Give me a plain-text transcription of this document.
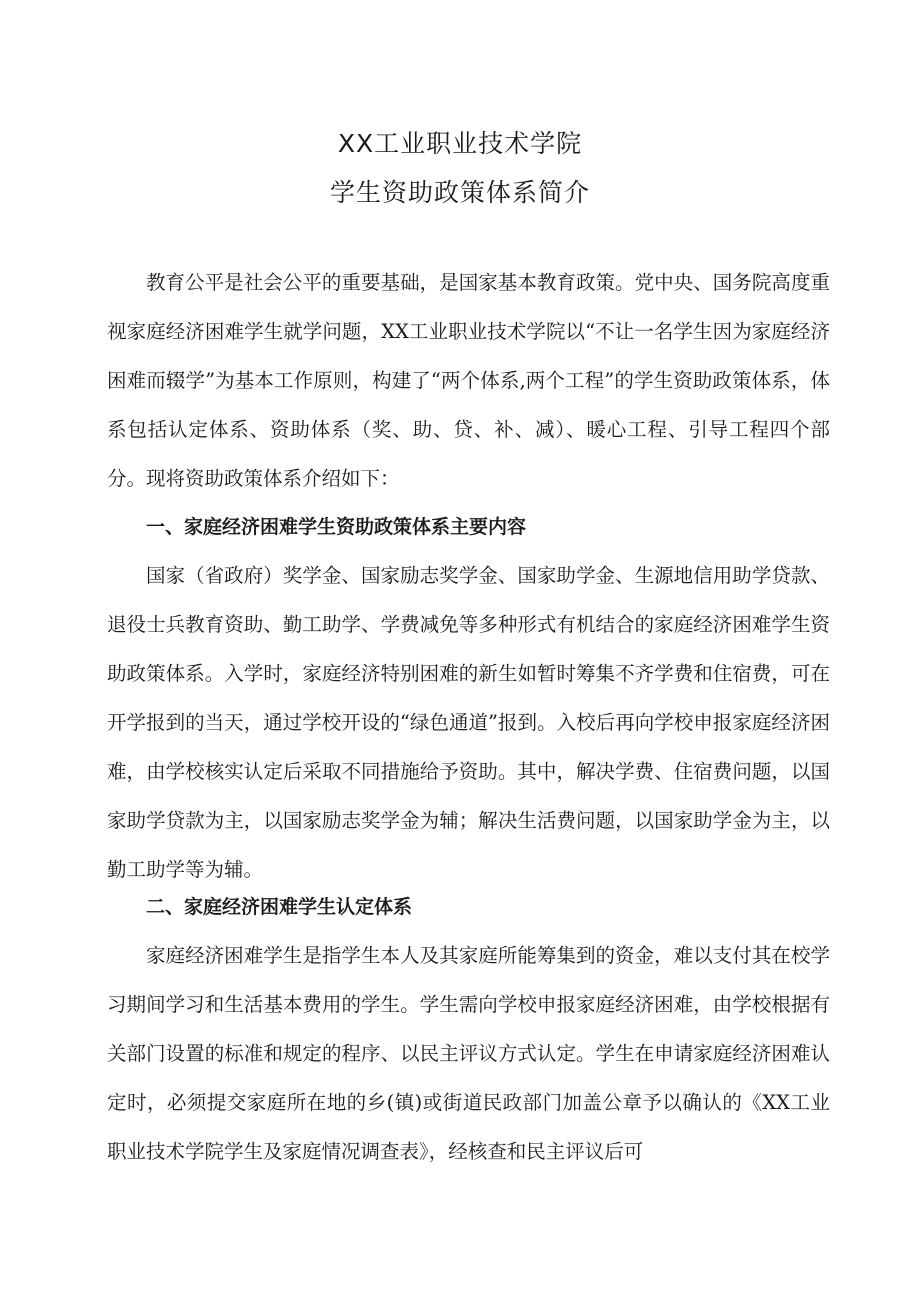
XX工业职业技术学院
学生资助政策体系简介

教育公平是社会公平的重要基础，是国家基本教育政策。党中央、国务院高度重视家庭经济困难学生就学问题，XX工业职业技术学院以“不让一名学生因为家庭经济困难而辍学”为基本工作原则，构建了“两个体系,两个工程”的学生资助政策体系，体系包括认定体系、资助体系（奖、助、贷、补、减）、暖心工程、引导工程四个部分。现将资助政策体系介绍如下：

一、家庭经济困难学生资助政策体系主要内容

国家（省政府）奖学金、国家励志奖学金、国家助学金、生源地信用助学贷款、退役士兵教育资助、勤工助学、学费减免等多种形式有机结合的家庭经济困难学生资助政策体系。入学时，家庭经济特别困难的新生如暂时筹集不齐学费和住宿费，可在开学报到的当天，通过学校开设的“绿色通道”报到。入校后再向学校申报家庭经济困难，由学校核实认定后采取不同措施给予资助。其中，解决学费、住宿费问题，以国家助学贷款为主，以国家励志奖学金为辅；解决生活费问题，以国家助学金为主，以勤工助学等为辅。

二、家庭经济困难学生认定体系

家庭经济困难学生是指学生本人及其家庭所能筹集到的资金，难以支付其在校学习期间学习和生活基本费用的学生。学生需向学校申报家庭经济困难，由学校根据有关部门设置的标准和规定的程序、以民主评议方式认定。学生在申请家庭经济困难认定时，必须提交家庭所在地的乡(镇)或街道民政部门加盖公章予以确认的《XX工业职业技术学院学生及家庭情况调查表》，经核查和民主评议后可
